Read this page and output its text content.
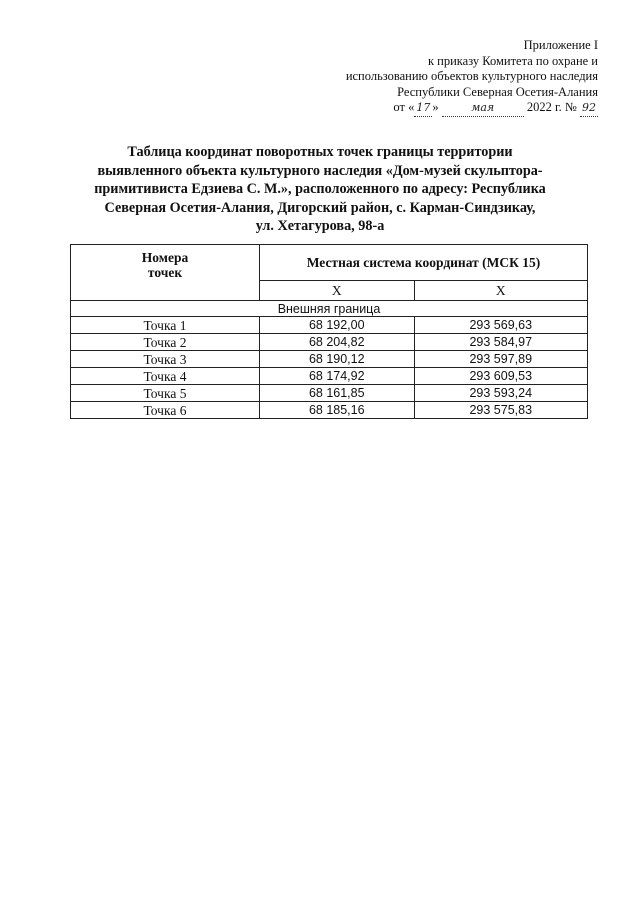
Приложение I
к приказу Комитета по охране и
использованию объектов культурного наследия
Республики Северная Осетия-Алания
от « 17 »	мая	2022 г. № 92
Таблица координат поворотных точек границы территории
выявленного объекта культурного наследия «Дом-музей скульптора-
примитивиста Едзиева С. М.», расположенного по адресу: Республика
Северная Осетия-Алания, Дигорский район, с. Карман-Синдзикау,
ул. Хетагурова, 98-а
Номера
точек	Местная система координат (МСК 15)	
	X	X
Внешняя граница		
Точка 1	68 192,00	293 569,63
Точка 2	68 204,82	293 584,97
Точка 3	68 190,12	293 597,89
Точка 4	68 174,92	293 609,53
Точка 5	68 161,85	293 593,24
Точка 6	68 185,16	293 575,83
